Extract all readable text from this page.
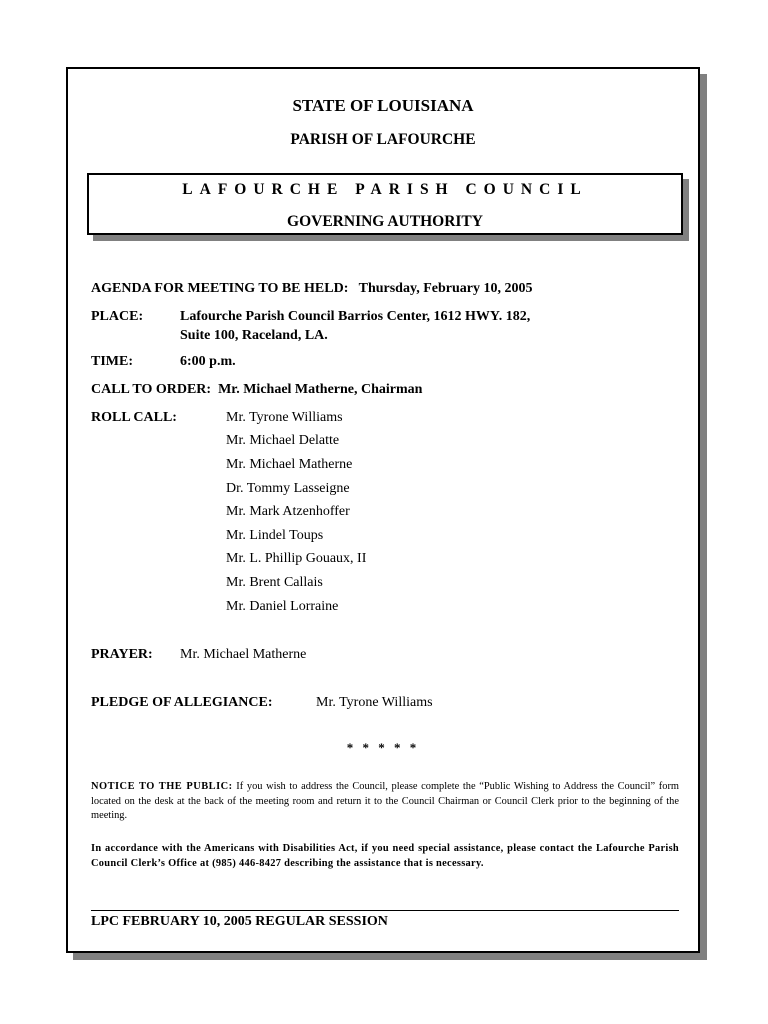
STATE OF LOUISIANA
PARISH OF LAFOURCHE
LAFOURCHE PARISH COUNCIL
GOVERNING AUTHORITY
AGENDA FOR MEETING TO BE HELD: Thursday, February 10, 2005
PLACE:	Lafourche Parish Council Barrios Center, 1612 HWY. 182,
Suite 100, Raceland, LA.
TIME:	6:00 p.m.
CALL TO ORDER: Mr. Michael Matherne, Chairman
ROLL CALL:	Mr. Tyrone Williams
Mr. Michael Delatte
Mr. Michael Matherne
Dr. Tommy Lasseigne
Mr. Mark Atzenhoffer
Mr. Lindel Toups
Mr. L. Phillip Gouaux, II
Mr. Brent Callais
Mr. Daniel Lorraine
PRAYER: Mr. Michael Matherne
PLEDGE OF ALLEGIANCE:	Mr. Tyrone Williams
* * * * *
NOTICE TO THE PUBLIC: If you wish to address the Council, please complete the “Public Wishing to Address the Council” form located on the desk at the back of the meeting room and return it to the Council Chairman or Council Clerk prior to the beginning of the meeting.
In accordance with the Americans with Disabilities Act, if you need special assistance, please contact the Lafourche Parish Council Clerk’s Office at (985) 446-8427 describing the assistance that is necessary.
LPC FEBRUARY 10, 2005 REGULAR SESSION
